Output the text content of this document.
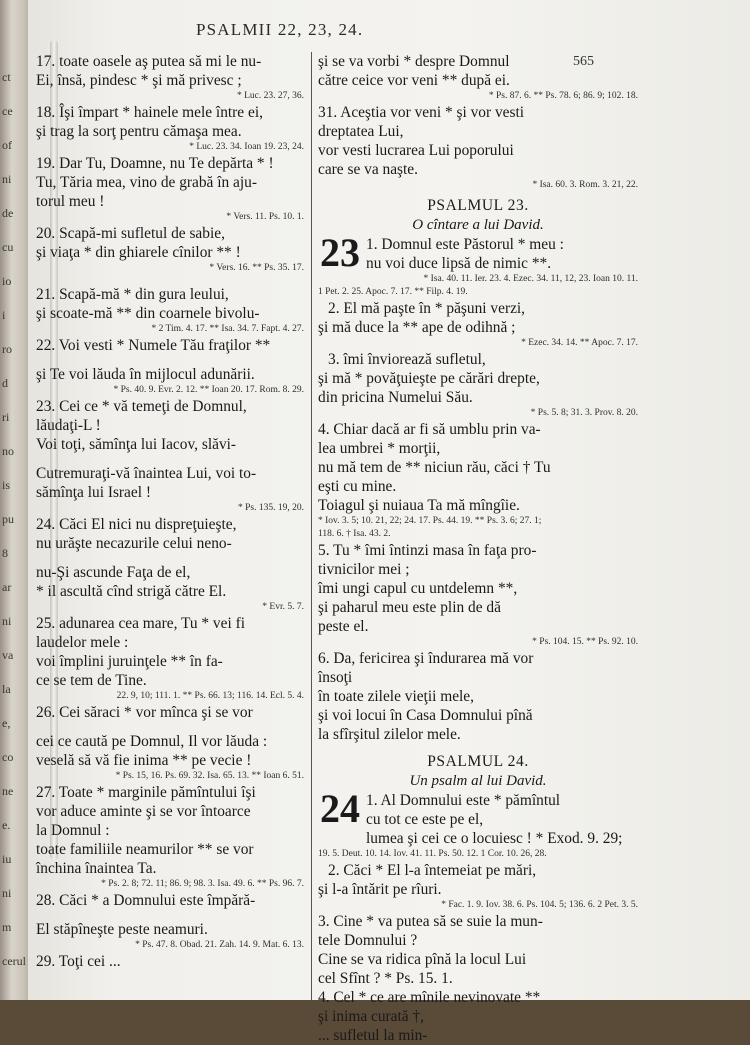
ct
ce
of
ni
de
cu
io
i
ro
d
ri
no
is
pu
8
ar
ni
va
la
e,
co
ne
e.
iu
ni
m
cerul
PSALMII 22, 23, 24.
565
17. toate oasele aş putea să mi le nu-
Ei, însă, pindesc * şi mă privesc ;
* Luc. 23. 27, 36.
18. Îşi împart * hainele mele între ei,
şi trag la sorţ pentru cămaşa mea.
* Luc. 23. 34. Ioan 19. 23, 24.
19. Dar Tu, Doamne, nu Te depărta * !
Tu, Tăria mea, vino de grabă în aju-
torul meu !
* Vers. 11. Ps. 10. 1.
20. Scapă-mi sufletul de sabie,
şi viaţa * din ghiarele cînilor ** !
* Vers. 16. ** Ps. 35. 17.
21. Scapă-mă * din gura leului,
şi scoate-mă ** din coarnele bivolu-
* 2 Tim. 4. 17. ** Isa. 34. 7. Fapt. 4. 27.
22. Voi vesti * Numele Tău fraţilor **
şi Te voi lăuda în mijlocul adunării.
* Ps. 40. 9. Evr. 2. 12. ** Ioan 20. 17. Rom. 8. 29.
23. Cei ce * vă temeţi de Domnul,
lăudaţi-L !
Voi toţi, sămînţa lui Iacov, slăvi-
Cutremuraţi-vă înaintea Lui, voi to-
sămînţa lui Israel !
* Ps. 135. 19, 20.
24. Căci El nici nu dispreţuieşte,
nu urăşte necazurile celui neno-
nu-Şi ascunde Faţa de el,
* il ascultă cînd strigă către El.
* Evr. 5. 7.
25. adunarea cea mare, Tu * vei fi
laudelor mele :
voi împlini juruinţele ** în fa-
ce se tem de Tine.
22. 9, 10; 111. 1. ** Ps. 66. 13; 116. 14. Ecl. 5. 4.
26. Cei săraci * vor mînca şi se vor
cei ce caută pe Domnul, Il vor lăuda :
veselă să vă fie inima ** pe vecie !
* Ps. 15, 16. Ps. 69. 32. Isa. 65. 13. ** Ioan 6. 51.
27. Toate * marginile pămîntului îşi
vor aduce aminte şi se vor întoarce
la Domnul :
toate familiile neamurilor ** se vor
închina înaintea Ta.
* Ps. 2. 8; 72. 11; 86. 9; 98. 3. Isa. 49. 6. ** Ps. 96. 7.
28. Căci * a Domnului este împără-
El stăpîneşte peste neamuri.
* Ps. 47. 8. Obad. 21. Zah. 14. 9. Mat. 6. 13.
29. Toţi cei ...
şi se va vorbi * despre Domnul
către ceice vor veni ** după ei.
* Ps. 87. 6. ** Ps. 78. 6; 86. 9; 102. 18.
31. Aceştia vor veni * şi vor vesti
dreptatea Lui,
vor vesti lucrarea Lui poporului
care se va naşte.
* Isa. 60. 3. Rom. 3. 21, 22.
PSALMUL 23.
O cîntare a lui David.
23 1. Domnul este Păstorul * meu :
nu voi duce lipsă de nimic **.
* Isa. 40. 11. Ier. 23. 4. Ezec. 34. 11, 12, 23. Ioan 10. 11.
1 Pet. 2. 25. Apoc. 7. 17. ** Filp. 4. 19.
2. El mă paşte în * păşuni verzi,
şi mă duce la ** ape de odihnă ;
* Ezec. 34. 14. ** Apoc. 7. 17.
3. îmi înviorează sufletul,
şi mă * povăţuieşte pe cărări drepte,
din pricina Numelui Său.
* Ps. 5. 8; 31. 3. Prov. 8. 20.
4. Chiar dacă ar fi să umblu prin va-
lea umbrei * morţii,
nu mă tem de ** niciun rău, căci † Tu
eşti cu mine.
Toiagul şi nuiaua Ta mă mîngîie.
* Iov. 3. 5; 10. 21, 22; 24. 17. Ps. 44. 19. ** Ps. 3. 6; 27. 1;
118. 6. † Isa. 43. 2.
5. Tu * îmi întinzi masa în faţa pro-
tivnicilor mei ;
îmi ungi capul cu untdelemn **,
şi paharul meu este plin de dă
peste el.
* Ps. 104. 15. ** Ps. 92. 10.
6. Da, fericirea şi îndurarea mă vor
însoţi
în toate zilele vieţii mele,
şi voi locui în Casa Domnului pînă
la sfîrşitul zilelor mele.
PSALMUL 24.
Un psalm al lui David.
24 1. Al Domnului este * pămîntul
cu tot ce este pe el,
lumea şi cei ce o locuiesc ! * Exod. 9. 29;
19. 5. Deut. 10. 14. Iov. 41. 11. Ps. 50. 12. 1 Cor. 10. 26, 28.
2. Căci * El l-a întemeiat pe mări,
şi l-a întărit pe rîuri.
* Fac. 1. 9. Iov. 38. 6. Ps. 104. 5; 136. 6. 2 Pet. 3. 5.
3. Cine * va putea să se suie la mun-
tele Domnului ?
Cine se va ridica pînă la locul Lui
cel Sfînt ? * Ps. 15. 1.
4. Cel * ce are mînile nevinovate **
şi inima curată †,
... sufletul la min-
